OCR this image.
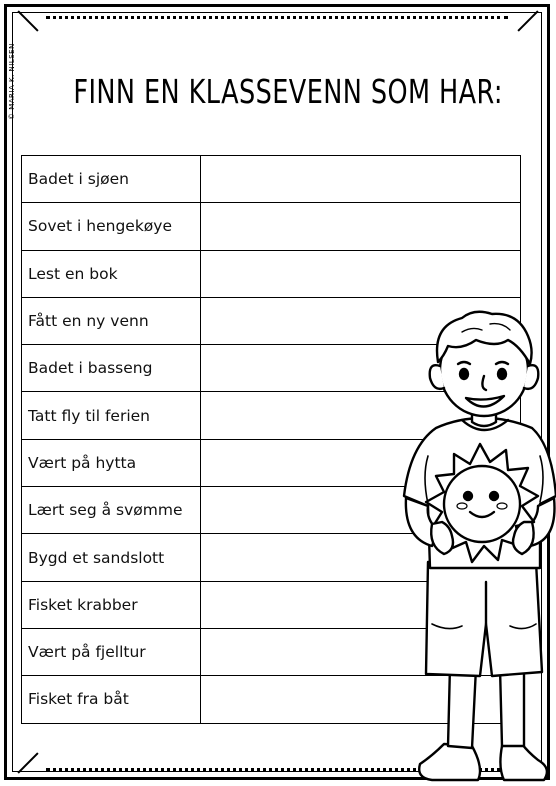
© MARIA K. NILSEN FINN EN KLASSEVENN SOM HAR:
Badet i sjøen	
Sovet i hengekøye	
Lest en bok	
Fått en ny venn	
Badet i basseng	
Tatt fly til ferien	
Vært på hytta	
Lært seg å svømme	
Bygd et sandslott	
Fisket krabber	
Vært på fjelltur	
Fisket fra båt	
